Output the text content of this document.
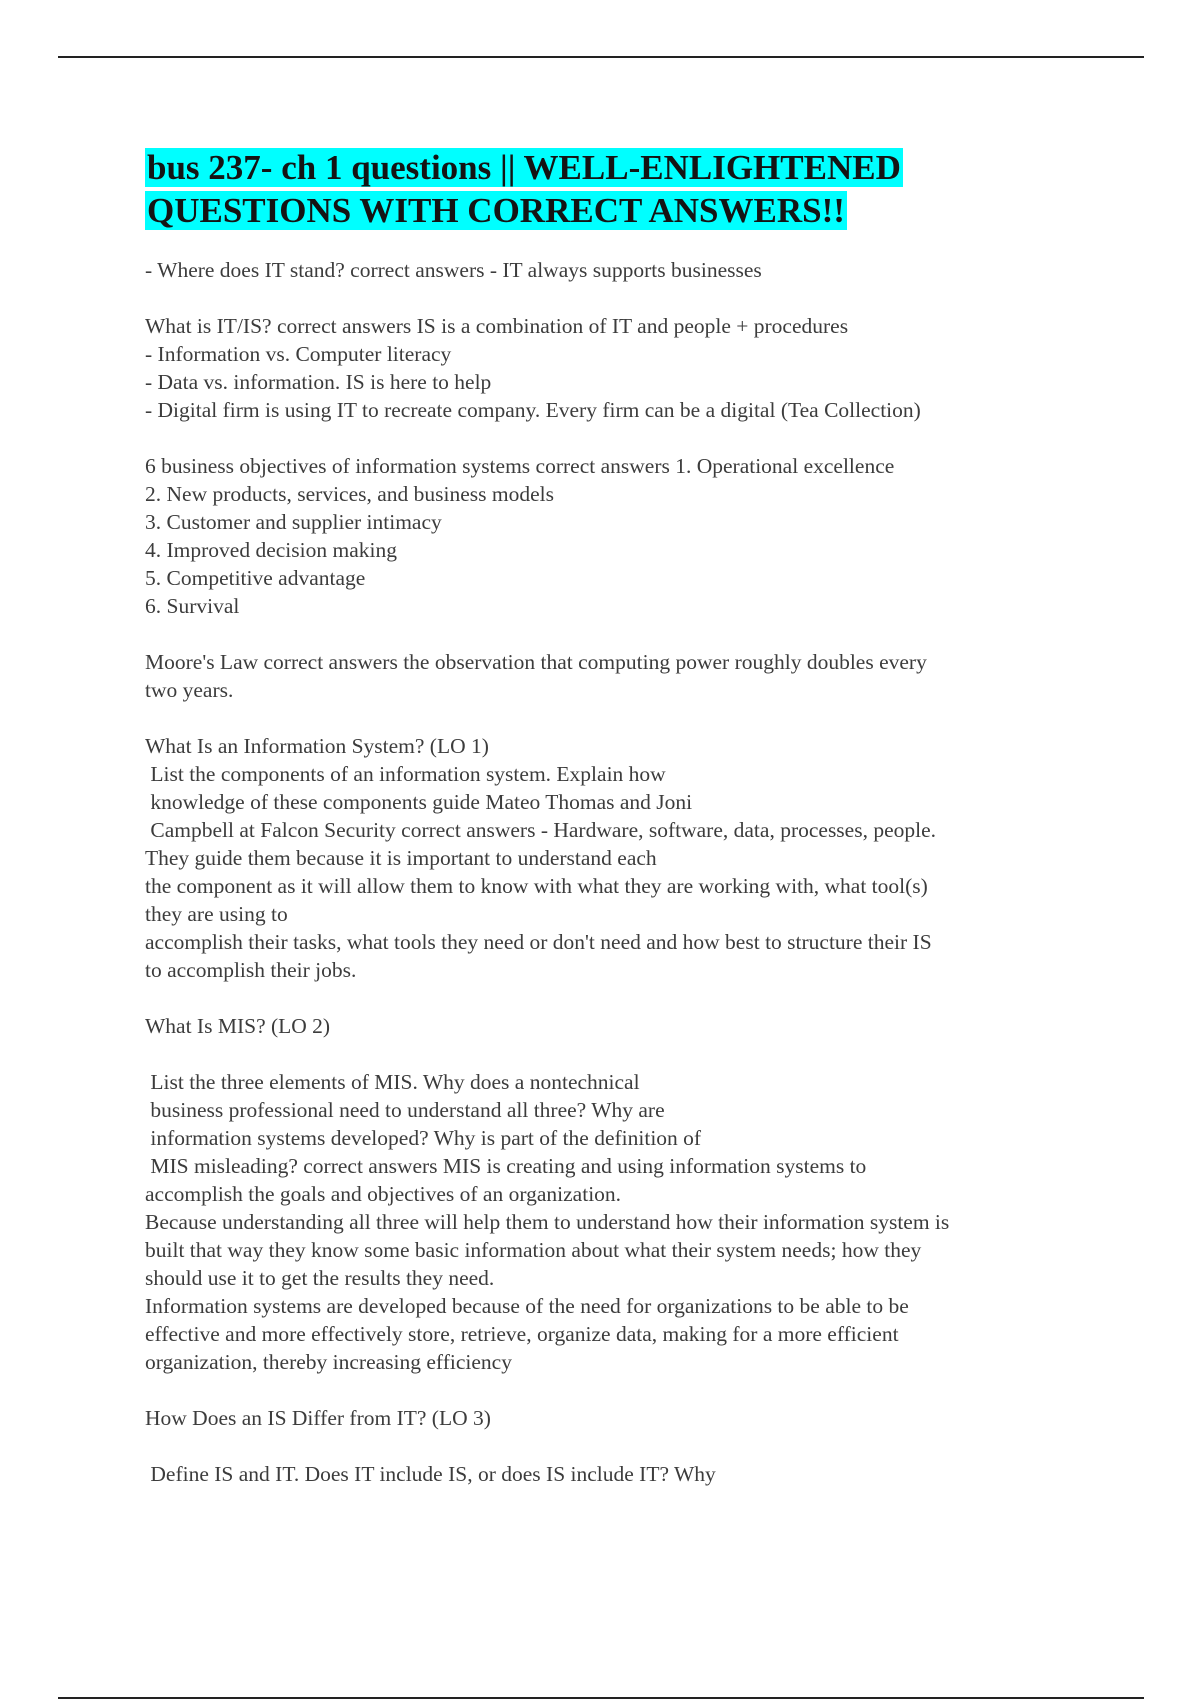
bus 237- ch 1 questions || WELL-ENLIGHTENED
QUESTIONS WITH CORRECT ANSWERS!!
- Where does IT stand? correct answers - IT always supports businesses
What is IT/IS? correct answers IS is a combination of IT and people + procedures
- Information vs. Computer literacy
- Data vs. information. IS is here to help
- Digital firm is using IT to recreate company. Every firm can be a digital (Tea Collection)
6 business objectives of information systems correct answers 1. Operational excellence
2. New products, services, and business models
3. Customer and supplier intimacy
4. Improved decision making
5. Competitive advantage
6. Survival
Moore's Law correct answers the observation that computing power roughly doubles every
two years.
What Is an Information System? (LO 1)
List the components of an information system. Explain how
knowledge of these components guide Mateo Thomas and Joni
Campbell at Falcon Security correct answers - Hardware, software, data, processes, people.
They guide them because it is important to understand each
the component as it will allow them to know with what they are working with, what tool(s)
they are using to
accomplish their tasks, what tools they need or don't need and how best to structure their IS
to accomplish their jobs.
What Is MIS? (LO 2)
List the three elements of MIS. Why does a nontechnical
business professional need to understand all three? Why are
information systems developed? Why is part of the definition of
MIS misleading? correct answers MIS is creating and using information systems to
accomplish the goals and objectives of an organization.
Because understanding all three will help them to understand how their information system is
built that way they know some basic information about what their system needs; how they
should use it to get the results they need.
Information systems are developed because of the need for organizations to be able to be
effective and more effectively store, retrieve, organize data, making for a more efficient
organization, thereby increasing efficiency
How Does an IS Differ from IT? (LO 3)
Define IS and IT. Does IT include IS, or does IS include IT? Why
